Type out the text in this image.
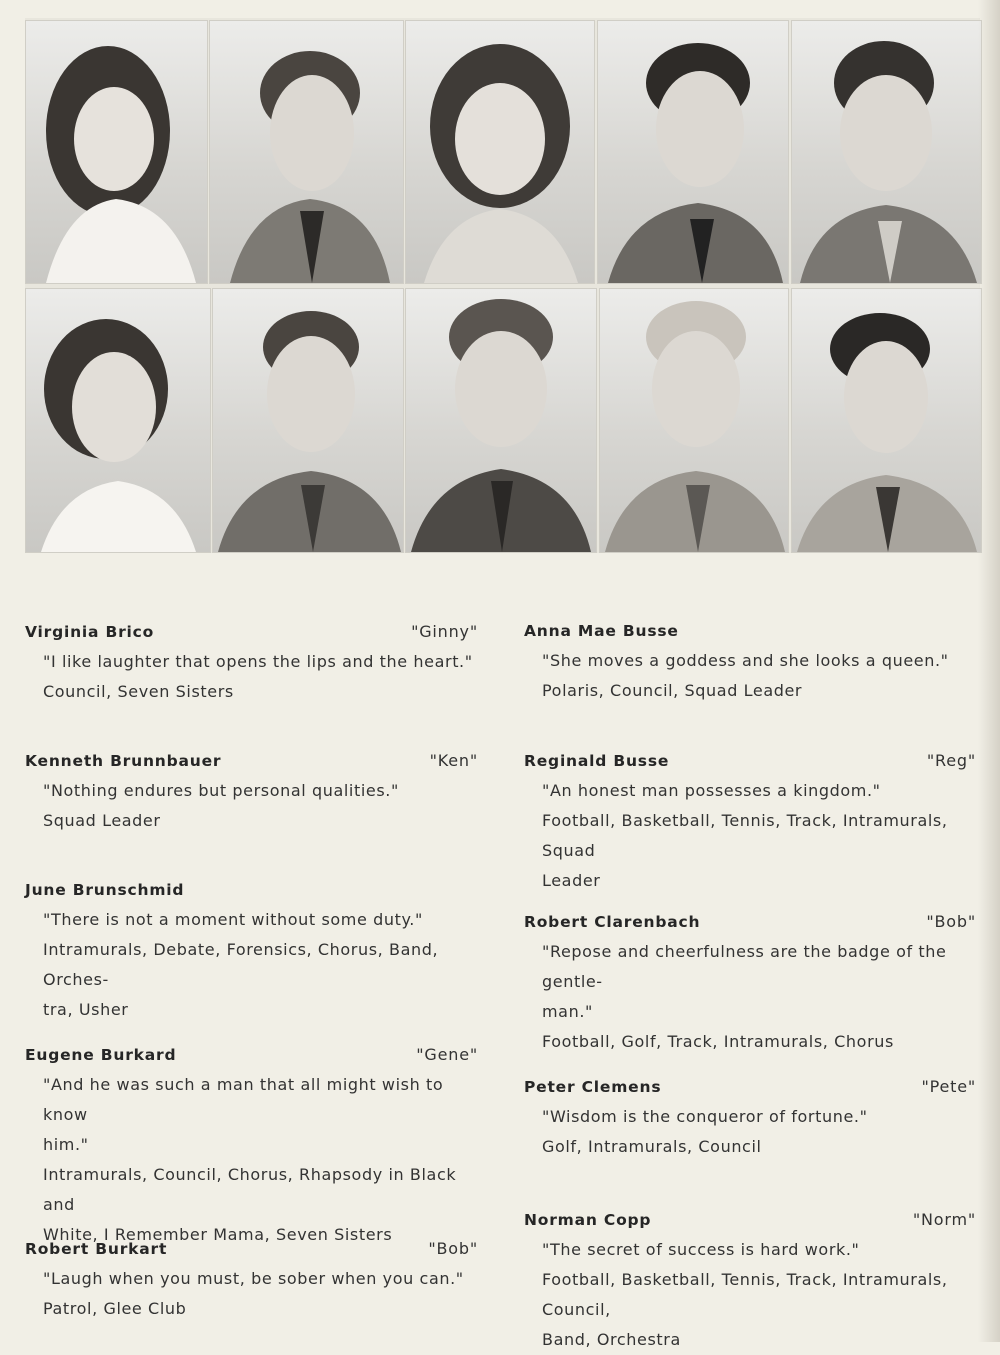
Virginia Brico	"Ginny"
"I like laughter that opens the lips and the heart."
Council, Seven Sisters
Kenneth Brunnbauer	"Ken"
"Nothing endures but personal qualities."
Squad Leader
June Brunschmid
"There is not a moment without some duty."
Intramurals, Debate, Forensics, Chorus, Band, Orches-
tra, Usher
Eugene Burkard	"Gene"
"And he was such a man that all might wish to know
him."
Intramurals, Council, Chorus, Rhapsody in Black and
White, I Remember Mama, Seven Sisters
Robert Burkart	"Bob"
"Laugh when you must, be sober when you can."
Patrol, Glee Club
Anna Mae Busse
"She moves a goddess and she looks a queen."
Polaris, Council, Squad Leader
Reginald Busse	"Reg"
"An honest man possesses a kingdom."
Football, Basketball, Tennis, Track, Intramurals, Squad
Leader
Robert Clarenbach	"Bob"
"Repose and cheerfulness are the badge of the gentle-
man."
Football, Golf, Track, Intramurals, Chorus
Peter Clemens	"Pete"
"Wisdom is the conqueror of fortune."
Golf, Intramurals, Council
Norman Copp	"Norm"
"The secret of success is hard work."
Football, Basketball, Tennis, Track, Intramurals, Council,
Band, Orchestra
